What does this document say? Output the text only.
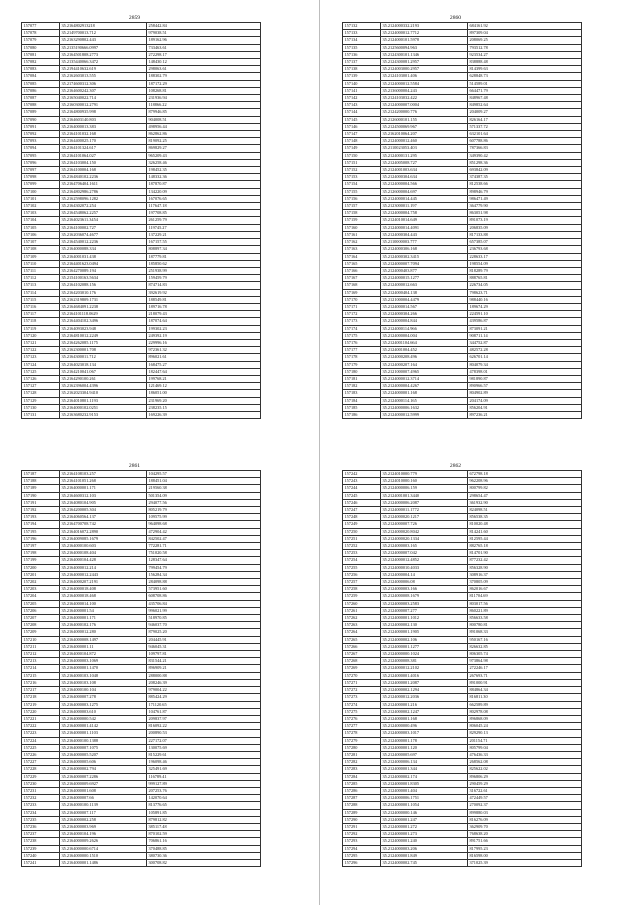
2859
157077	35.2164802913218	258442.84
157078	35.2149700013.712	979038.51
157079	35.2163290802.443	189162.96
157080	35.2135190666.0997	733463.61
157081	35.2164501808.2773	272298.17
157082	35.2135440066.3472	148430.12
157083	35.2194410632.619	298063.61
157084	35.2162603013.555	188302.79
157085	35.2174600312.306	187172.29
157086	35.2164600242.307	108268.81
157087	35.2165040022.714	231936.94
157088	35.2160300012.2791	118866.22
157089	35.2164800935.998	879946.85
157090	35.2164603140.803	904008.51
157091	35.2164000013.383	498956.44
157092	35.2164101032.168	862862.86
157093	35.2164400025.170	819092.25
157094	35.2164101324.617	869829.27
157095	35.2164101064.027	965209.43
157096	35.2164103004.150	326258.46
157097	35.2164100004.168	198452.35
157098	35.2164840102.2236	148332.36
157099	35.2164706404.1611	187870.87
157100	35.2164802986.2786	134220.09
157101	35.2162598096.1282	167076.65
157102	35.2164302072.254	117647.18
157103	35.2164548062.2257	197708.85
157104	35.2164023611.3454	261259.79
157105	35.2164100002.727	119745.27
157106	35.2162036074.4677	137229.21
157107	35.2164540012.2236	167157.55
157108	35.2164000088.334	808897.34
157109	35.2164001031.438	187779.81
157110	35.2164401623.0494	185850.62
157111	35.2164270089.194	251938.99
157112	35.2154100163.5634	159459.79
157113	35.2164102088.156	874714.83
157114	35.2164203010.176	392619.92
157115	35.2162319809.1731	188549.81
157116	35.2164684091.2238	189716.78
157117	35.2164101118.0629	218079.43
157118	35.2164404102.3496	187074.64
157119	35.2164093023.948	199302.23
157120	35.2164810012.2249	249392.19
157121	35.2164262085.1175	229996.16
157122	35.2162300001.708	972361.32
157123	35.2164300011.712	896021.61
157124	35.2164023018.134	168475.27
157125	35.2164210041.067	182447.64
157126	35.2164290100.261	199768.21
157127	35.2162396004.4396	121469.12
157128	35.2162023304.9410	186051.00
157129	35.2164010801.1193	231969.20
157130	35.2164000102.0251	238235.15
157131	35.2163680232.9153	169226.39
2860
157132	35.2124000332.2193	684161.92
157133	35.2124000012.7712	897309.04
157134	35.2124000101.5978	208069.25
157135	35.2125600094.963	793512.78
157136	35.2124300101.1346	923534.27
157137	35.2124300081.2957	838888.48
157138	35.2124003000.2957	814399.63
157139	35.2124103001.406	628848.73
157140	35.2124000012.5584	514589.01
157141	35.2136000004.243	664471.79
157142	35.2124103032.422	848967.48
157143	35.2124000007.0004	849852.64
157144	35.2124200000.776	204009.27
157145	35.2126000101.155	826164.17
157146	35.2124500069.967	571337.72
157147	35.2162010064.207	632101.64
157148	35.2124000012.460	607788.86
157149	35.2110023053.403	787366.83
157150	35.2124000131.295	349390.42
157151	35.2124005008.727	851298.36
157152	35.2124001003.634	693842.09
157153	35.2124000304.634	374387.35
157154	35.2124000004.566	812538.66
157155	35.2126000004.697	898946.79
157156	35.2124000014.445	986471.49
157157	35.2123000011.197	364779.90
157158	35.2124000004.758	863051.98
157159	35.2124010014.649	891073.19
157160	35.2124000014.4091	206835.09
157161	35.2124000304.443	817133.88
157162	35.2110000003.777	657385.07
157163	35.2124000306.168	236793.68
157164	35.2124000302.3415	228633.17
157165	35.2124000007.7094	198554.09
157166	35.2124000403.877	818289.79
157167	35.2124000015.1277	888765.81
157168	35.2124000012.663	226734.05
157169	35.2124000404.138	798623.71
157170	35.2121000004.4479	988440.16
157171	35.2124000014.567	189674.29
157172	35.2124000304.266	224591.10
157173	35.2124000004.844	439586.87
157174	35.2124000114.966	873091.21
157175	35.2124000004.004	908711.14
157176	35.2124001104.664	344752.87
157177	35.2124001004.452	482572.28
157178	35.2124000208.496	626701.14
157179	35.2124000207.164	804079.34
157180	35.2121000007.4965	478398.01
157181	35.2124000012.3714	981890.87
157182	35.2124000004.4267	890966.57
157183	35.2124000001.168	804902.89
157184	35.2124000114.165	204174.09
157185	35.2124000006.1632	856204.91
157186	35.2124000012.5999	897236.21
2861
157187	35.2164108103.257	104295.57
157188	35.2164101051.268	188451.04
157189	35.2164000001.171	219560.38
157190	35.2164600312.103	501354.09
157191	35.2164080104.905	294077.56
157192	35.2164200005.304	805219.79
157193	35.2164060564.137	109575.99
157194	35.2164700708.742	964098.68
157195	35.2164016072.2890	472904.42
157196	35.2164009085.1679	842502.47
157197	35.2164000100.603	772281.71
157198	35.2164000108.404	751020.58
157199	35.2164000104.428	128347.64
157200	35.2164000012.214	799454.79
157201	35.2164000012.2443	156284.34
157202	35.2164000207.2191	284098.88
157203	35.2164000018.408	573951.60
157204	35.2164000018.468	608708.86
157205	35.2164000014.100	435706.84
157206	35.2164000001.54	996021.99
157207	35.2164000001.171	518970.85
157208	35.2164000102.176	946037.70
157209	35.2164000012.280	879025.20
157210	35.2164000008.1497	204445.91
157211	35.2164000001.11	946045.31
157212	35.2164000104.872	109797.81
157213	35.2164000003.1069	831544.21
157214	35.2164000001.1470	896909.21
157215	35.2164000103.1048	288000.88
157216	35.2164000103.108	208246.39
157217	35.2164000100.104	979004.22
157218	35.2164000007.278	885424.29
157219	35.2164000003.1275	171120.65
157220	35.2164000003.610	104761.87
157221	35.2164000000.542	209837.97
157222	35.2164000001.4142	816092.22
157223	35.2164000001.1103	200890.53
157224	35.2164000100.1388	227172.07
157225	35.2164000007.1075	130075.69
157226	35.2164000005.5207	815229.61
157227	35.2164000005.606	196098.46
157228	35.2164000002.794	325491.69
157229	35.2164000007.2286	116789.41
157230	35.2164000009.6927	999127.89
157231	35.2164000001.608	207253.76
157232	35.2164000007.66	142070.64
157233	35.2164000100.1139	813776.65
157234	35.2164000007.117	105891.85
157235	35.2164000002.258	879812.82
157236	35.2164000003.969	385117.48
157237	35.2164000104.196	870102.59
157238	35.2164000009.2626	706861.16
157239	35.2164000000.6714	370488.85
157240	35.2164000000.1510	380730.36
157241	35.2164000001.1486	300708.82
2862
157242	35.2124010000.779	672798.18
157243	35.2124010000.160	962208.96
157244	35.2124000006.159	800799.82
157245	35.2124001001.3440	298654.47
157246	35.2124000006.2087	361932.90
157247	35.2124000011.1772	824098.51
157248	35.2124000020.1217	856538.35
157249	35.2124000007.726	810020.48
157250	35.2124000020.8042	814241.60
157251	35.2124000020.1334	812595.44
157252	35.2124000003.165	882765.18
157253	35.2124000007.042	814701.90
157254	35.2124000012.4852	877232.42
157255	35.2124000010.4033	856328.90
157256	35.2124000004.14	308916.37
157257	35.2124000006.08	370805.09
157258	35.2124000003.166	862016.67
157259	35.2124000008.1679	811704.69
157260	35.2124000003.2583	803017.56
157261	35.2124000007.277	860221.89
157262	35.2124000001.1012	856633.58
157263	35.2124000002.130	800780.81
157264	35.2124000001.1905	891068.33
157265	35.2124000002.106	950167.16
157266	35.2124000001.1277	826632.85
157267	35.2124000000.1024	806305.74
157268	35.2124000008.381	973864.98
157269	35.2124000012.2102	272246.17
157270	35.2124000001.4016	267693.71
157271	35.2124000001.2087	891000.91
157272	35.2124000002.1294	884864.34
157273	35.2124000012.2036	816811.30
157274	35.2124000001.216	662589.89
157275	35.2124000002.1247	802978.08
157276	35.2124000001.168	896868.09
157277	35.2124000000.496	806045.24
157278	35.2124000003.1017	829290.13
157279	35.2124000001.178	201154.71
157280	35.2124000001.120	805799.04
157281	35.2124000005.697	476436.33
157282	35.2124000006.134	268562.08
157283	35.2124000001.344	825622.02
157284	35.2124000002.174	896806.29
157285	35.2124000001.8305	290459.29
157286	35.2124000001.404	316722.61
157287	35.2124000006.1751	472449.57
157288	35.2124000001.1054	270092.37
157289	35.2124000000.146	899880.03
157290	35.2124000001.247	816276.09
157291	35.2124000001.272	362909.70
157292	35.2124000001.273	768638.20
157293	35.2124000001.240	891751.66
157294	35.2124000003.206	817995.23
157295	35.2124000001.849	816598.00
157296	35.2124000002.745	371025.39
